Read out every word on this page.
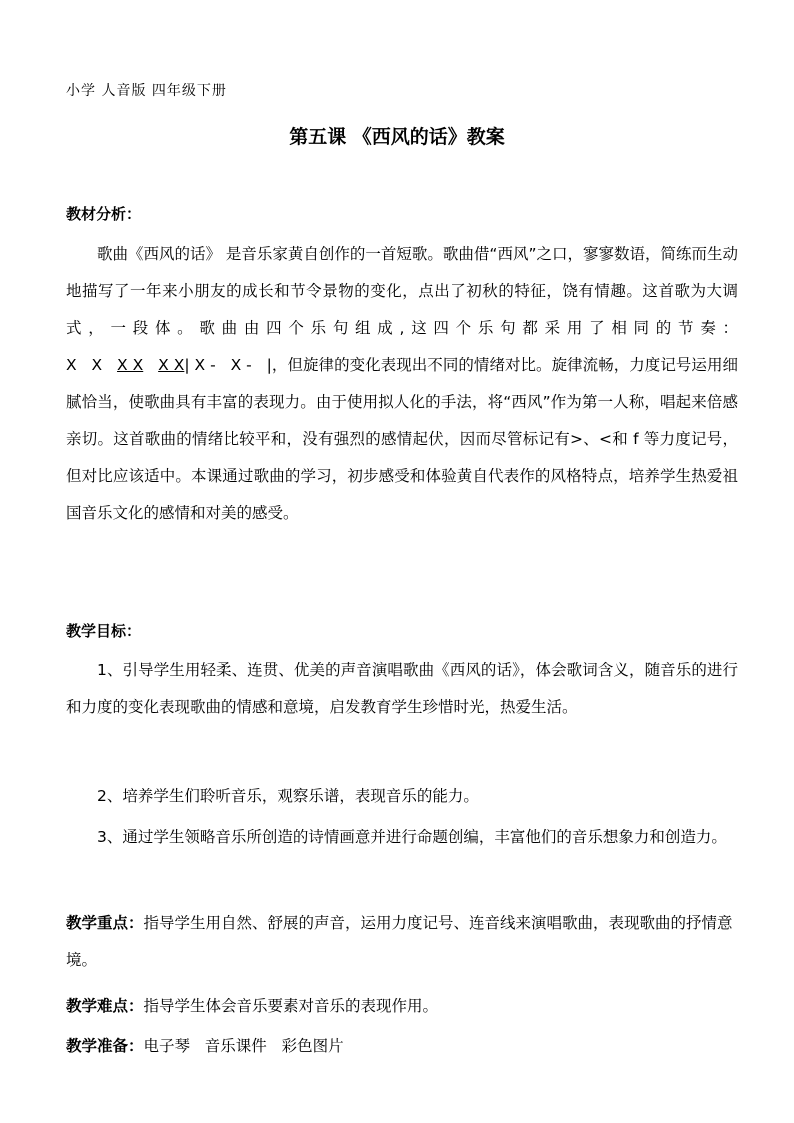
小学 人音版 四年级下册
第五课 《西风的话》教案
教材分析：

歌曲《西风的话》 是音乐家黄自创作的一首短歌。歌曲借“西风”之口，寥寥数语，简练而生动地描写了一年来小朋友的成长和节令景物的变化，点出了初秋的特征，饶有情趣。这首歌为大调式，一段体。歌曲由四个乐句组成,这四个乐句都采用了相同的节奏：X   X   X X X X| X -   X -   |，但旋律的变化表现出不同的情绪对比。旋律流畅，力度记号运用细腻恰当，使歌曲具有丰富的表现力。由于使用拟人化的手法，将“西风”作为第一人称，唱起来倍感亲切。这首歌曲的情绪比较平和，没有强烈的感情起伏，因而尽管标记有>、<和 f 等力度记号，但对比应该适中。本课通过歌曲的学习，初步感受和体验黄自代表作的风格特点，培养学生热爱祖国音乐文化的感情和对美的感受。

教学目标：

1、引导学生用轻柔、连贯、优美的声音演唱歌曲《西风的话》，体会歌词含义，随音乐的进行和力度的变化表现歌曲的情感和意境，启发教育学生珍惜时光，热爱生活。

2、培养学生们聆听音乐，观察乐谱，表现音乐的能力。

3、通过学生领略音乐所创造的诗情画意并进行命题创编，丰富他们的音乐想象力和创造力。

教学重点：指导学生用自然、舒展的声音，运用力度记号、连音线来演唱歌曲，表现歌曲的抒情意境。

教学难点：指导学生体会音乐要素对音乐的表现作用。

教学准备：电子琴   音乐课件   彩色图片
